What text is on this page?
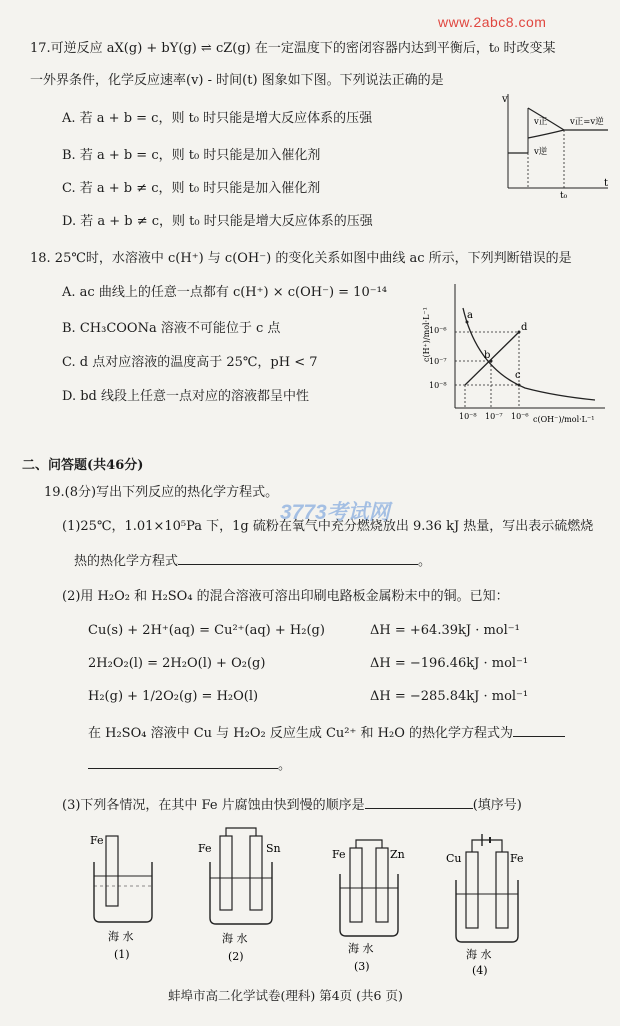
www.2abc8.com
3773考试网
17.可逆反应 aX(g) + bY(g) ⇌ cZ(g) 在一定温度下的密闭容器内达到平衡后，t₀ 时改变某
一外界条件，化学反应速率(v) - 时间(t) 图象如下图。下列说法正确的是
A. 若 a + b = c，则 t₀ 时只能是增大反应体系的压强
B. 若 a + b = c，则 t₀ 时只能是加入催化剂
C. 若 a + b ≠ c，则 t₀ 时只能是加入催化剂
D. 若 a + b ≠ c，则 t₀ 时只能是增大反应体系的压强
v
t
v正
v逆
v正=v逆
t₀
18. 25℃时，水溶液中 c(H⁺) 与 c(OH⁻) 的变化关系如图中曲线 ac 所示，下列判断错误的是
A. ac 曲线上的任意一点都有 c(H⁺) × c(OH⁻) = 10⁻¹⁴
B. CH₃COONa 溶液不可能位于 c 点
C. d 点对应溶液的温度高于 25℃，pH < 7
D. bd 线段上任意一点对应的溶液都呈中性
c(H⁺)/mol·L⁻¹
c(OH⁻)/mol·L⁻¹
10⁻⁶
10⁻⁷
10⁻⁸
10⁻⁸ 10⁻⁷ 10⁻⁶
a
b
c
d
二、问答题(共46分)
19.(8分)写出下列反应的热化学方程式。
(1)25℃，1.01×10⁵Pa 下，1g 硫粉在氧气中充分燃烧放出 9.36 kJ 热量，写出表示硫燃烧
热的热化学方程式	。
(2)用 H₂O₂ 和 H₂SO₄ 的混合溶液可溶出印刷电路板金属粉末中的铜。已知：
Cu(s) + 2H⁺(aq) = Cu²⁺(aq) + H₂(g)	ΔH = +64.39kJ · mol⁻¹
2H₂O₂(l) = 2H₂O(l) + O₂(g)	ΔH = −196.46kJ · mol⁻¹
H₂(g) + 1/2O₂(g) = H₂O(l)	ΔH = −285.84kJ · mol⁻¹
在 H₂SO₄ 溶液中 Cu 与 H₂O₂ 反应生成 Cu²⁺ 和 H₂O 的热化学方程式为
。
(3)下列各情况，在其中 Fe 片腐蚀由快到慢的顺序是	(填序号)
Fe
海 水
(1)
Fe	Sn
海 水
(2)
Fe	Zn
海 水
(3)
Cu	Fe
海 水
(4)
蚌埠市高二化学试卷(理科) 第4页 (共6 页)
